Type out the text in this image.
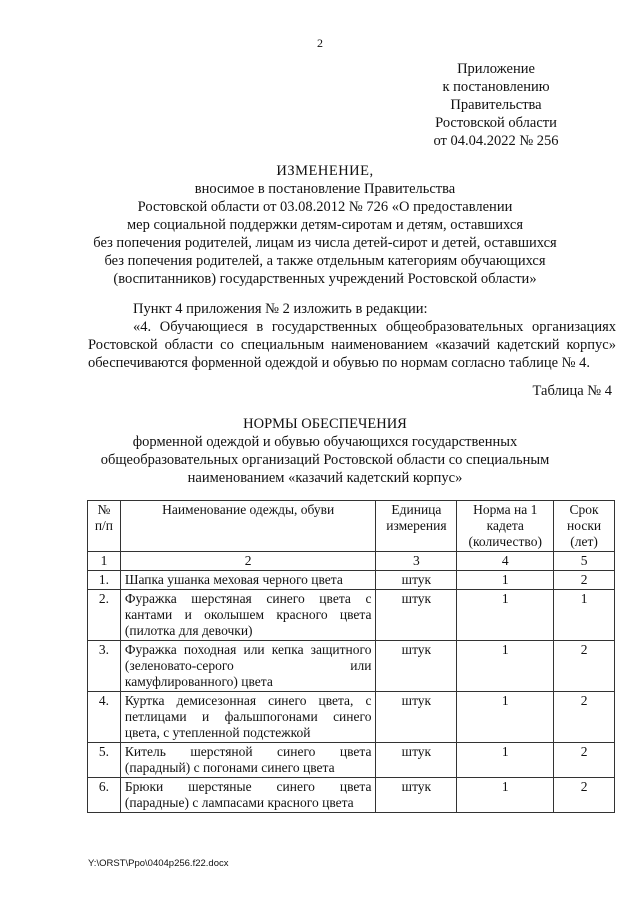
2
Приложение
к постановлению
Правительства
Ростовской области
от 04.04.2022 № 256
ИЗМЕНЕНИЕ,
вносимое в постановление Правительства
Ростовской области от 03.08.2012 № 726 «О предоставлении
мер социальной поддержки детям-сиротам и детям, оставшихся
без попечения родителей, лицам из числа детей-сирот и детей, оставшихся
без попечения родителей, а также отдельным категориям обучающихся
(воспитанников) государственных учреждений Ростовской области»
Пункт 4 приложения № 2 изложить в редакции:
«4. Обучающиеся в государственных общеобразовательных организациях Ростовской области со специальным наименованием «казачий кадетский корпус» обеспечиваются форменной одеждой и обувью по нормам согласно таблице № 4.
Таблица № 4
НОРМЫ ОБЕСПЕЧЕНИЯ
форменной одеждой и обувью обучающихся государственных
общеобразовательных организаций Ростовской области со специальным
наименованием «казачий кадетский корпус»
№ п/п	Наименование одежды, обуви	Единица измерения	Норма на 1 кадета (количество)	Срок носки (лет)
1	2	3	4	5
1.	Шапка ушанка меховая черного цвета	штук	1	2
2.	Фуражка шерстяная синего цвета с кантами и околышем красного цвета (пилотка для девочки)	штук	1	1
3.	Фуражка походная или кепка защитного (зеленовато-серого или камуфлированного) цвета	штук	1	2
4.	Куртка демисезонная синего цвета, с петлицами и фальшпогонами синего цвета, с утепленной подстежкой	штук	1	2
5.	Китель шерстяной синего цвета (парадный) с погонами синего цвета	штук	1	2
6.	Брюки шерстяные синего цвета (парадные) с лампасами красного цвета	штук	1	2
Y:\ORST\Ppo\0404p256.f22.docx
